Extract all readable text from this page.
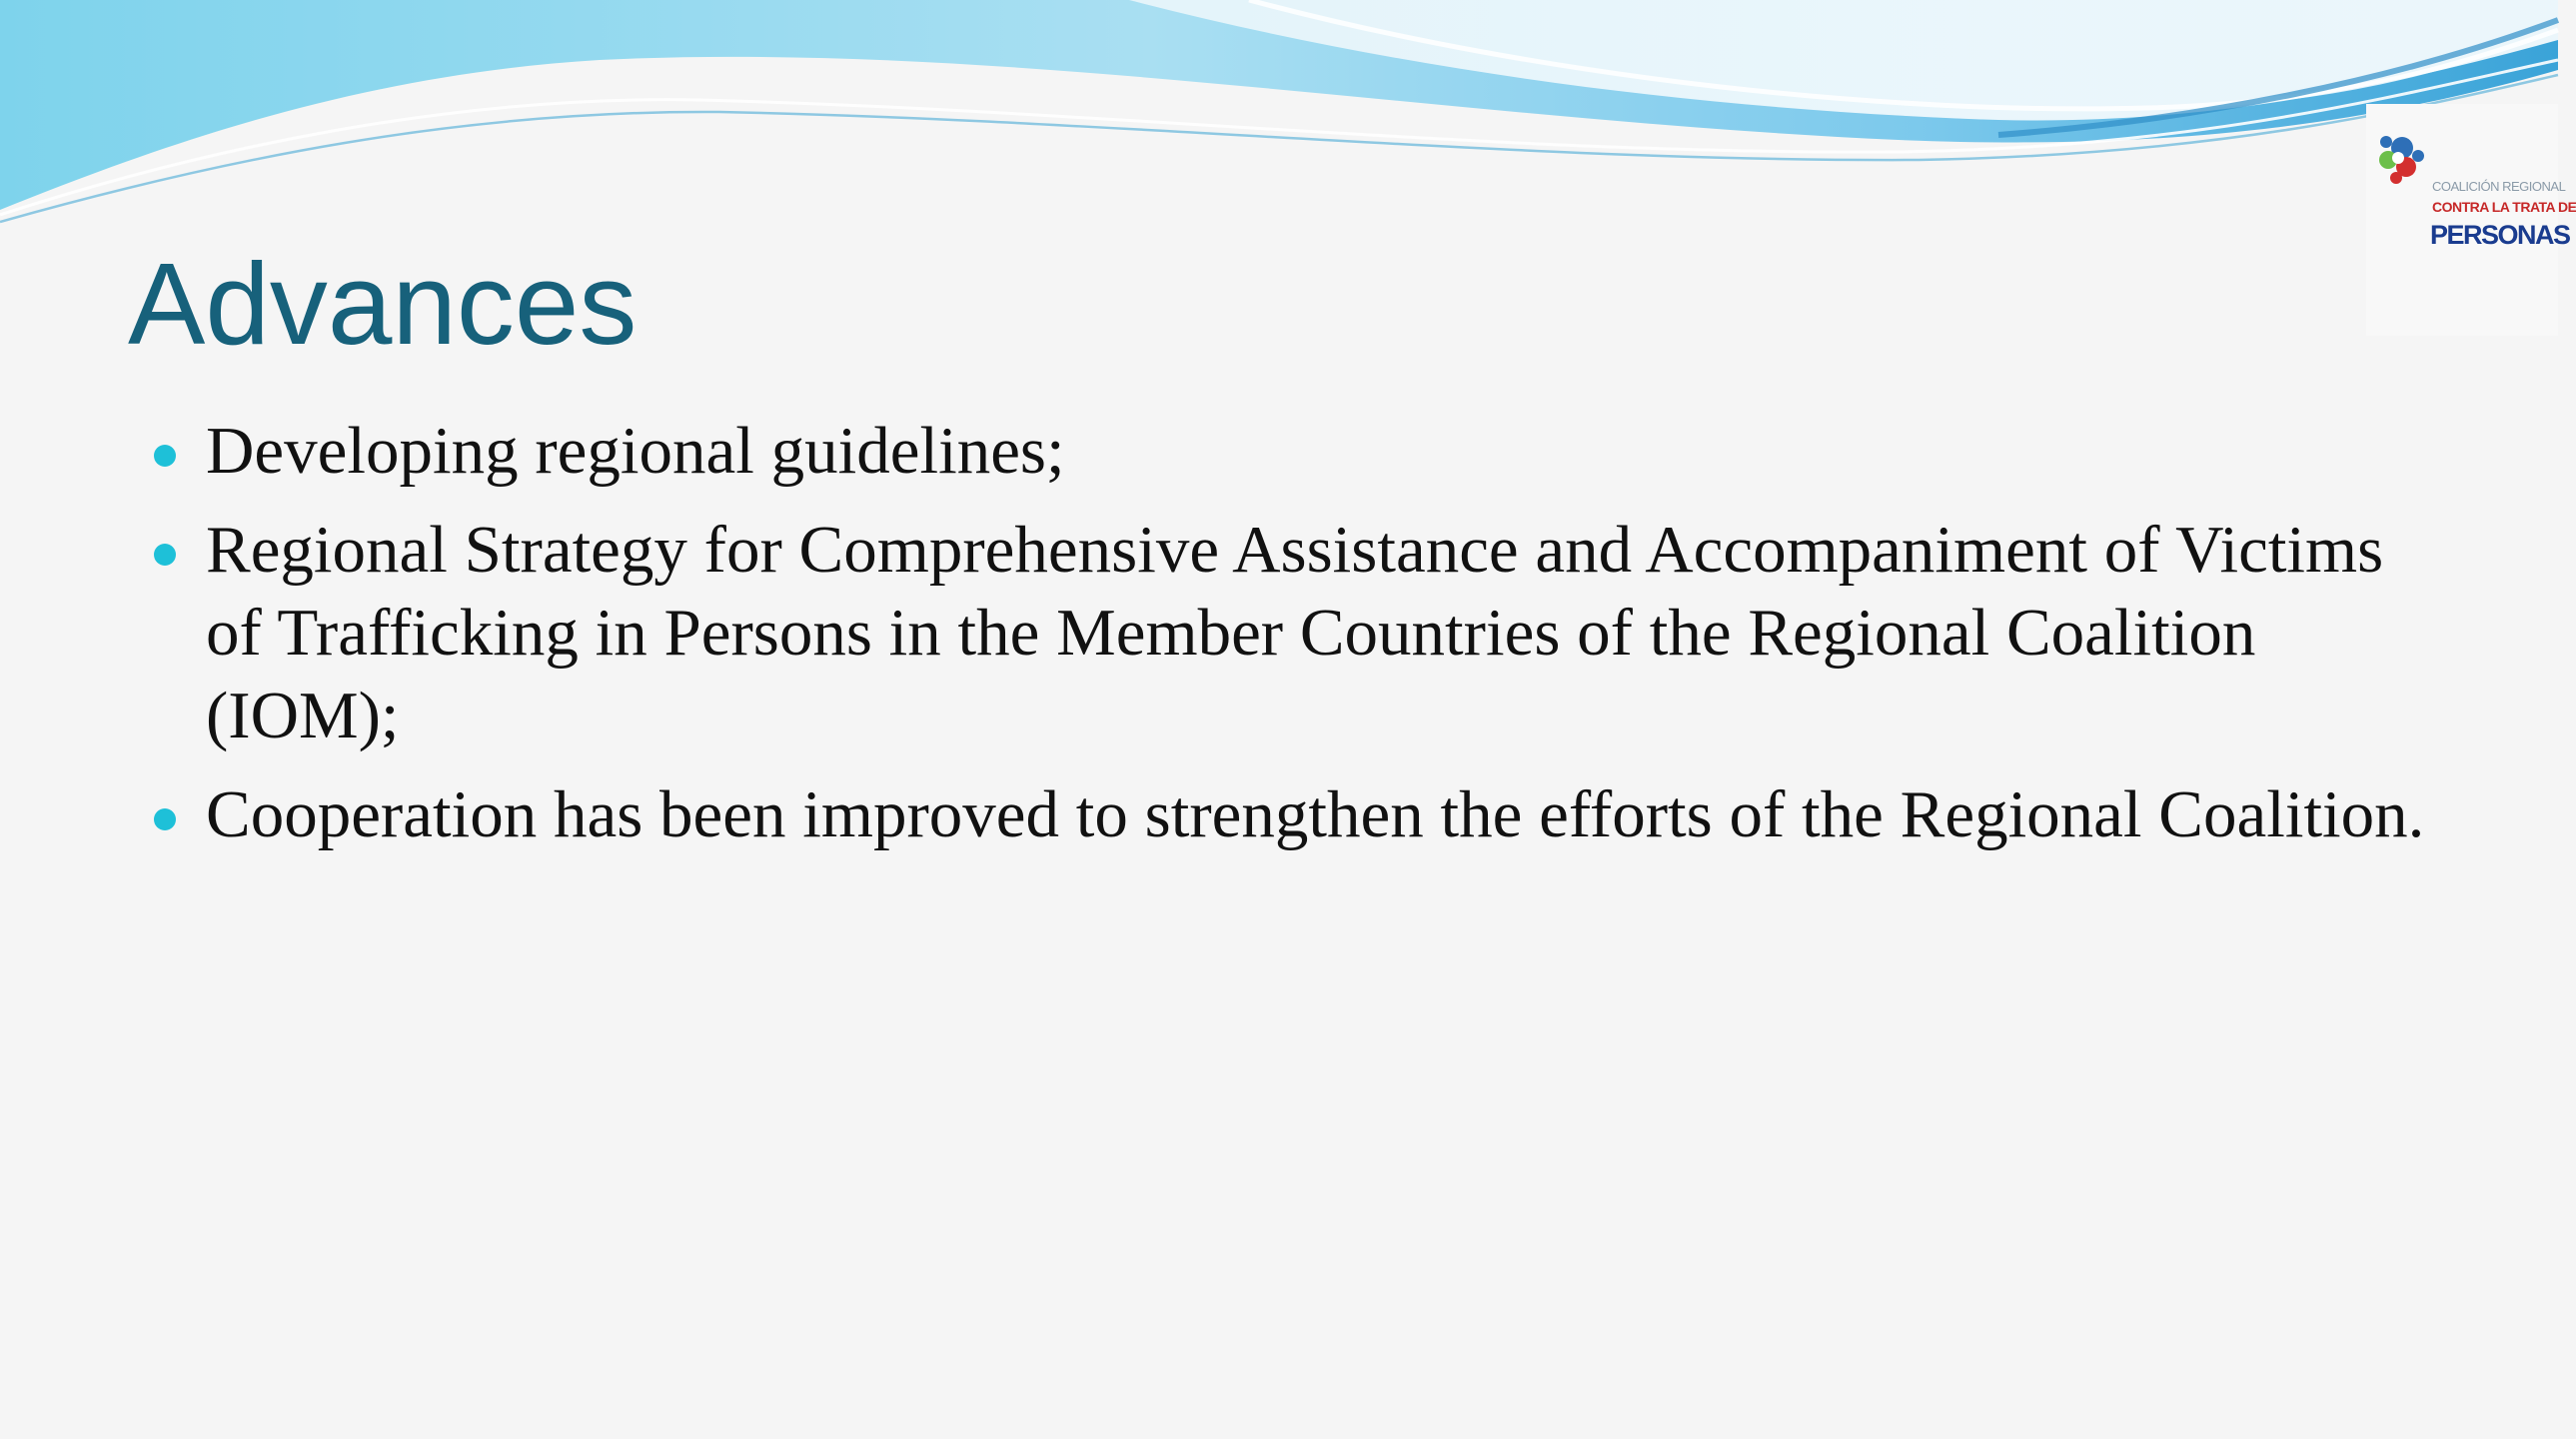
COALICIÓN REGIONAL
CONTRA LA TRATA DE
PERSONAS
Advances
Developing regional guidelines;
Regional Strategy for Comprehensive Assistance and Accompaniment of Victims of Trafficking in Persons in the Member Countries of the Regional Coalition (IOM);
Cooperation has been improved to strengthen the efforts of the Regional Coalition.
